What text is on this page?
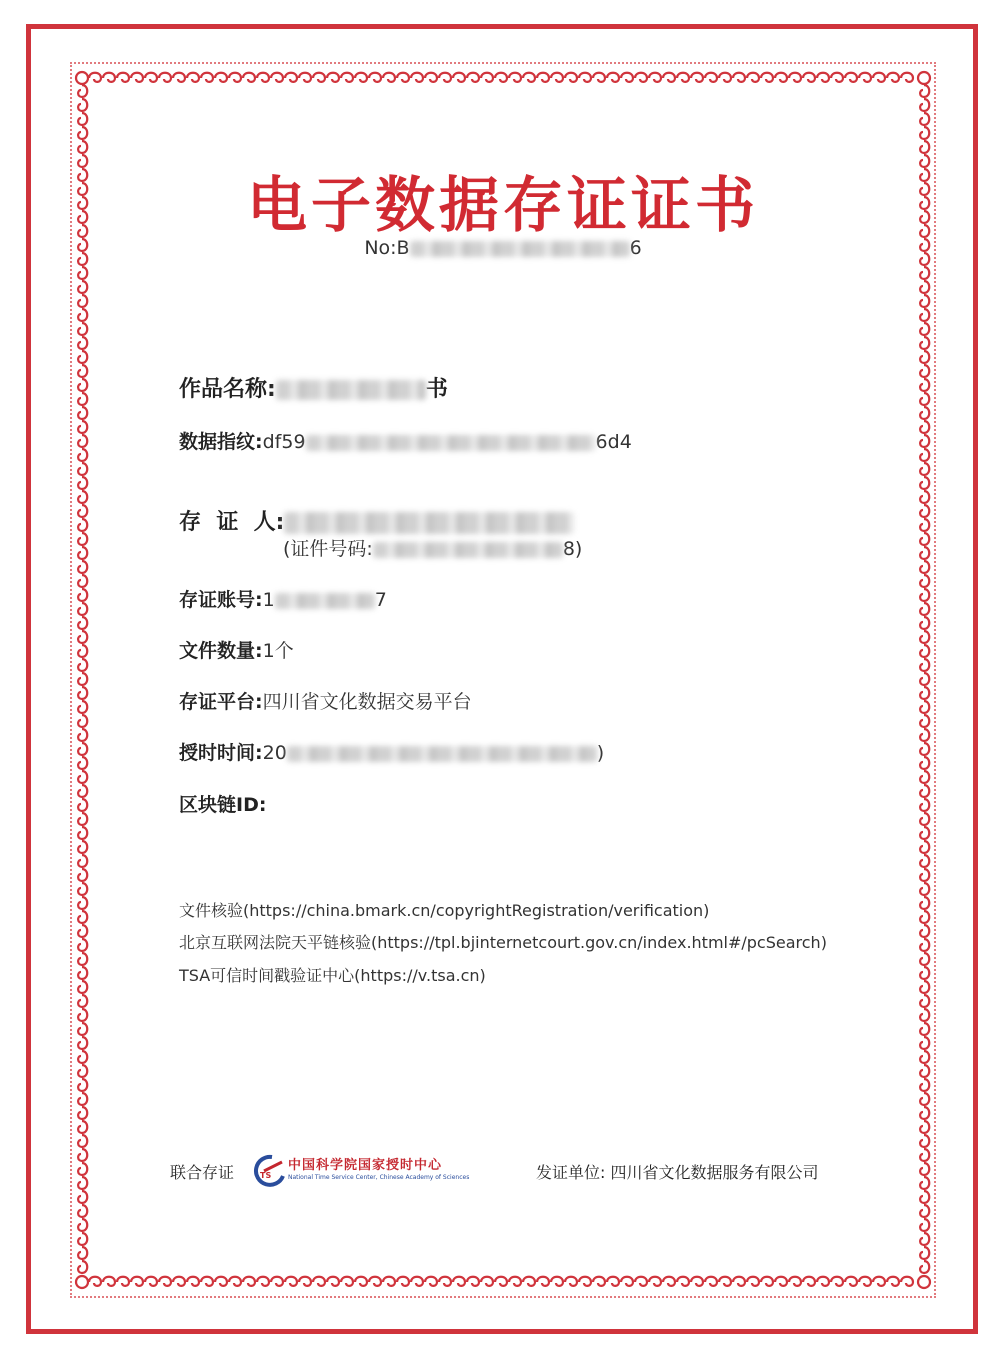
电子数据存证证书
No:B	6
作品名称:	书
数据指纹:df59	6d4
存  证  人:
(证件号码:	8)
存证账号:1	7
文件数量:1个
存证平台:四川省文化数据交易平台
授时时间:20	)
区块链ID:
文件核验(https://china.bmark.cn/copyrightRegistration/verification)
北京互联网法院天平链核验(https://tpl.bjinternetcourt.gov.cn/index.html#/pcSearch)
TSA可信时间戳验证中心(https://v.tsa.cn)
联合存证	TS
中国科学院国家授时中心
National Time Service Center, Chinese Academy of Sciences	发证单位: 四川省文化数据服务有限公司
